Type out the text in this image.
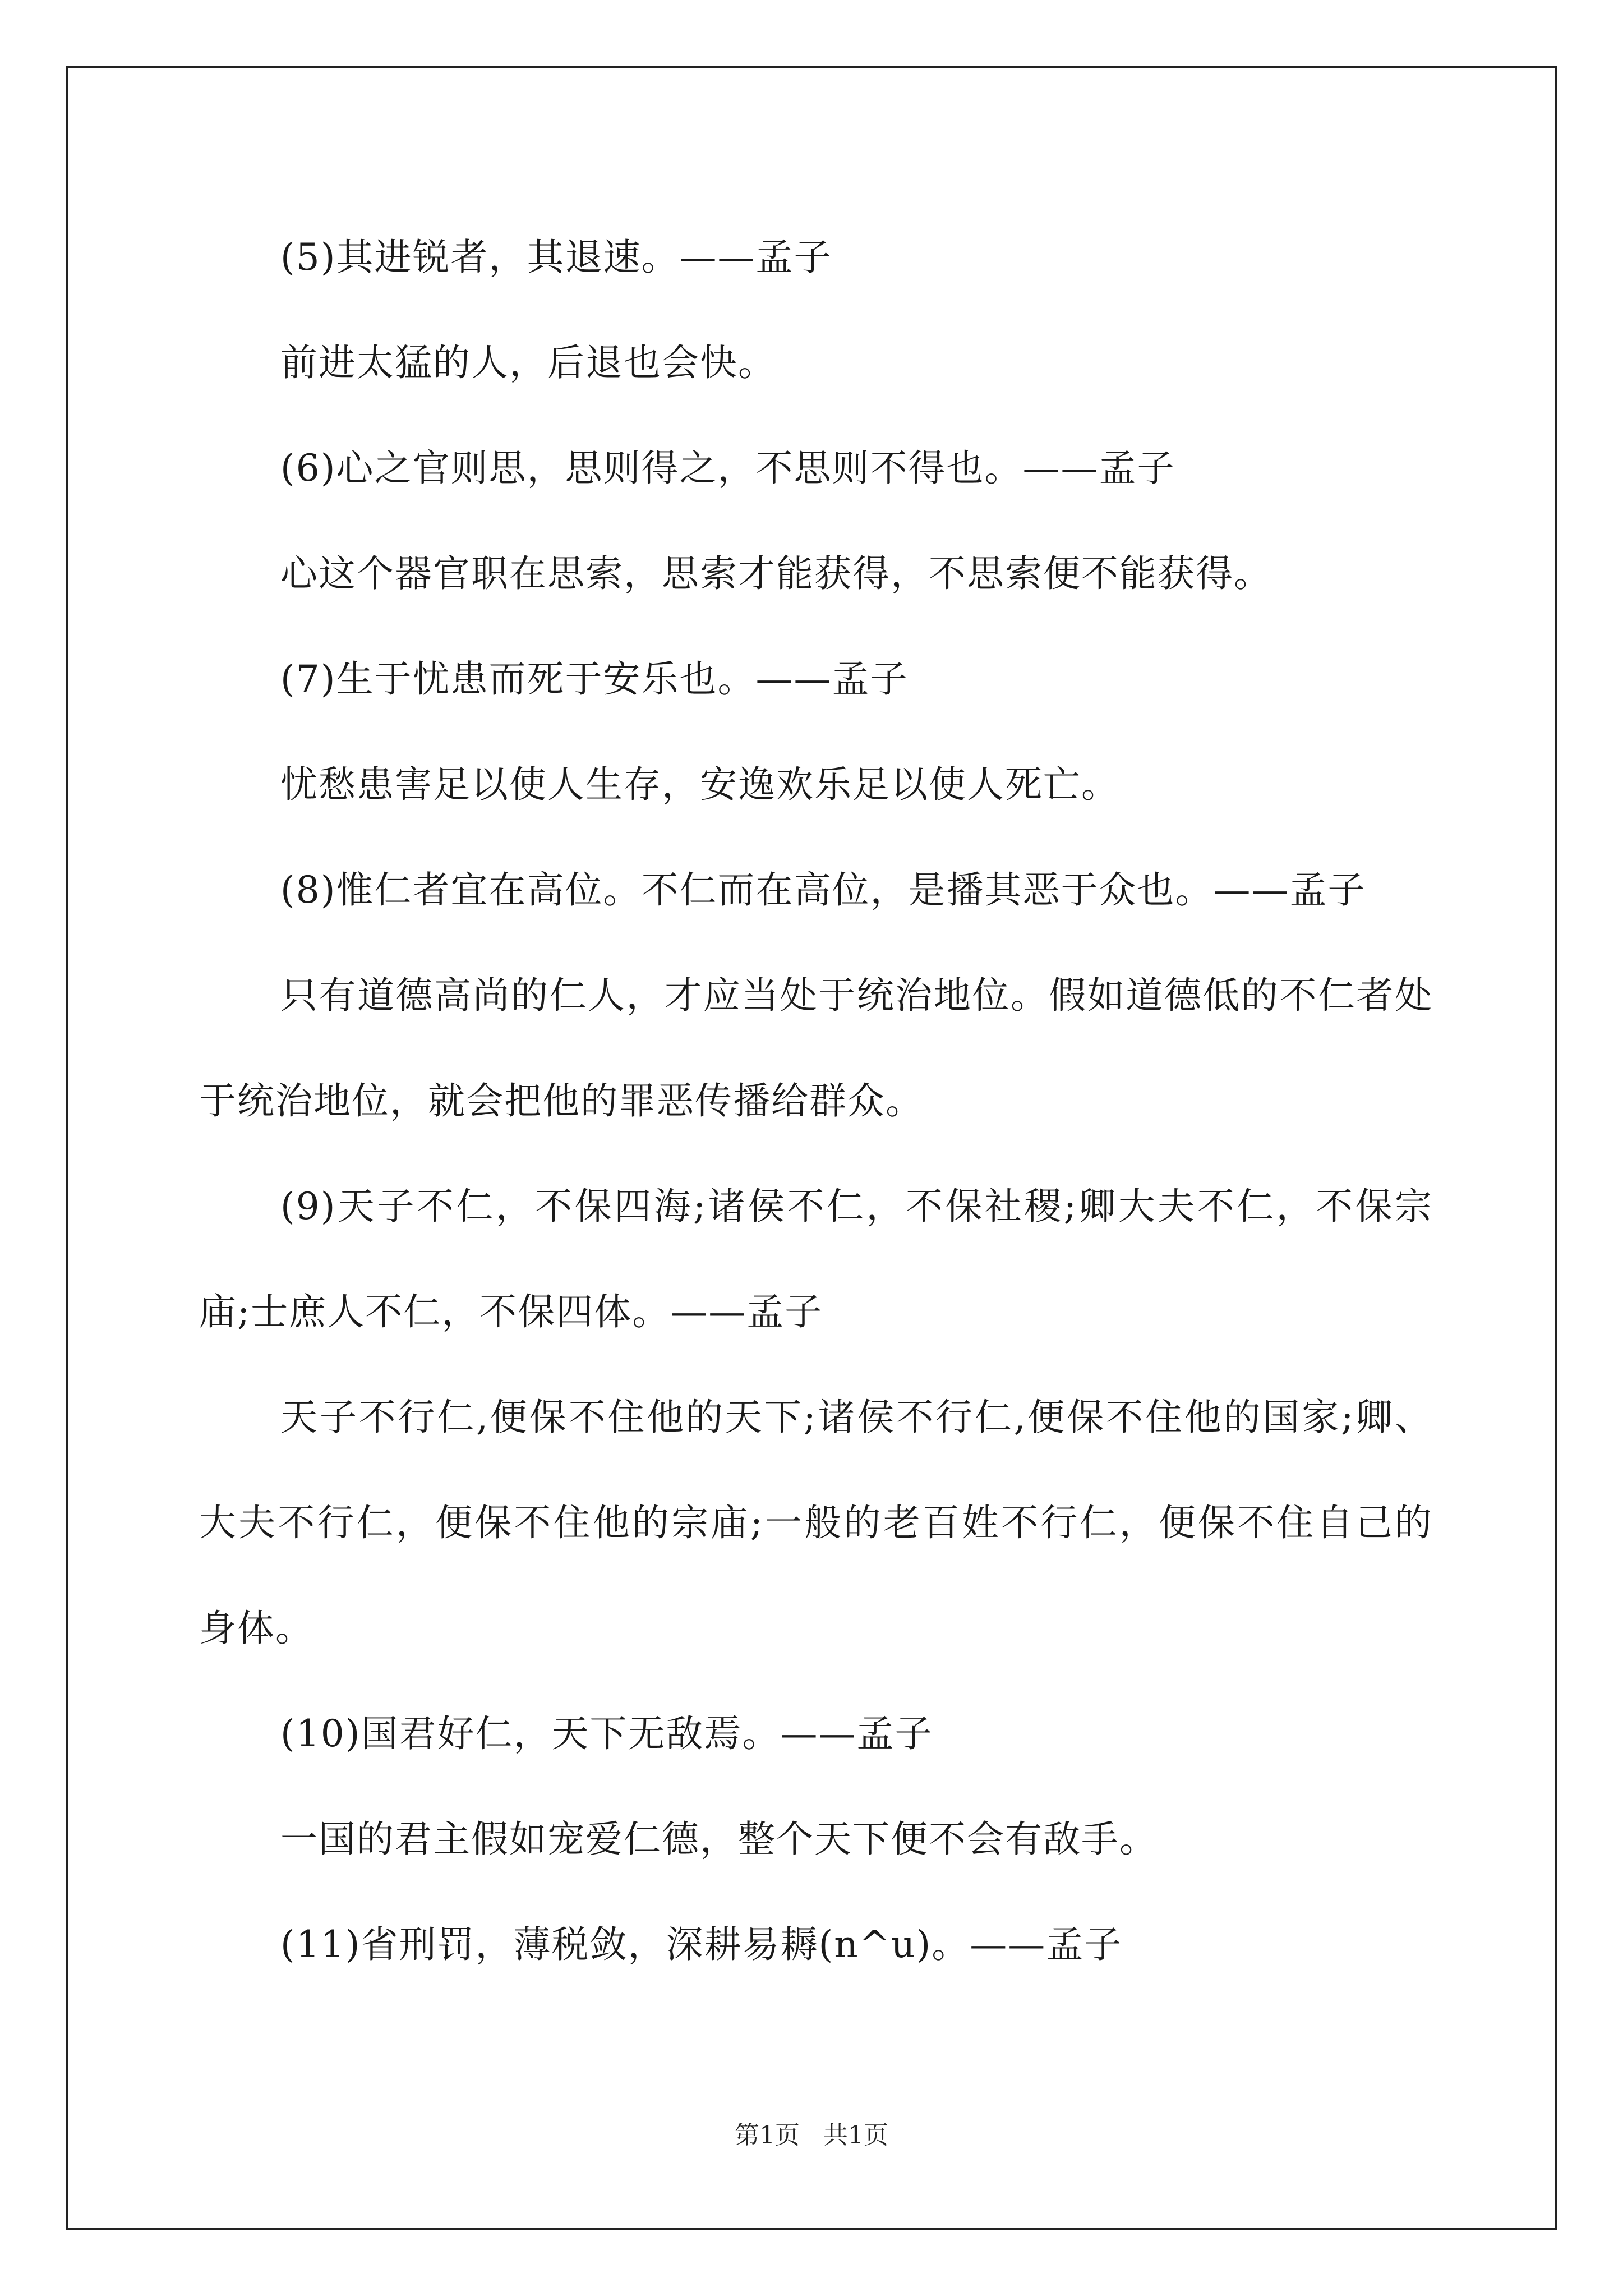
(5)其进锐者，其退速。——孟子

前进太猛的人，后退也会快。

(6)心之官则思，思则得之，不思则不得也。——孟子

心这个器官职在思索，思索才能获得，不思索便不能获得。

(7)生于忧患而死于安乐也。——孟子

忧愁患害足以使人生存，安逸欢乐足以使人死亡。

(8)惟仁者宜在高位。不仁而在高位，是播其恶于众也。——孟子

只有道德高尚的仁人，才应当处于统治地位。假如道德低的不仁者处于统治地位，就会把他的罪恶传播给群众。

(9)天子不仁，不保四海;诸侯不仁，不保社稷;卿大夫不仁，不保宗庙;士庶人不仁，不保四体。——孟子

天子不行仁,便保不住他的天下;诸侯不行仁,便保不住他的国家;卿、大夫不行仁，便保不住他的宗庙;一般的老百姓不行仁，便保不住自己的身体。

(10)国君好仁，天下无敌焉。——孟子

一国的君主假如宠爱仁德，整个天下便不会有敌手。

(11)省刑罚，薄税敛，深耕易耨(n^u)。——孟子

第1页 共1页
